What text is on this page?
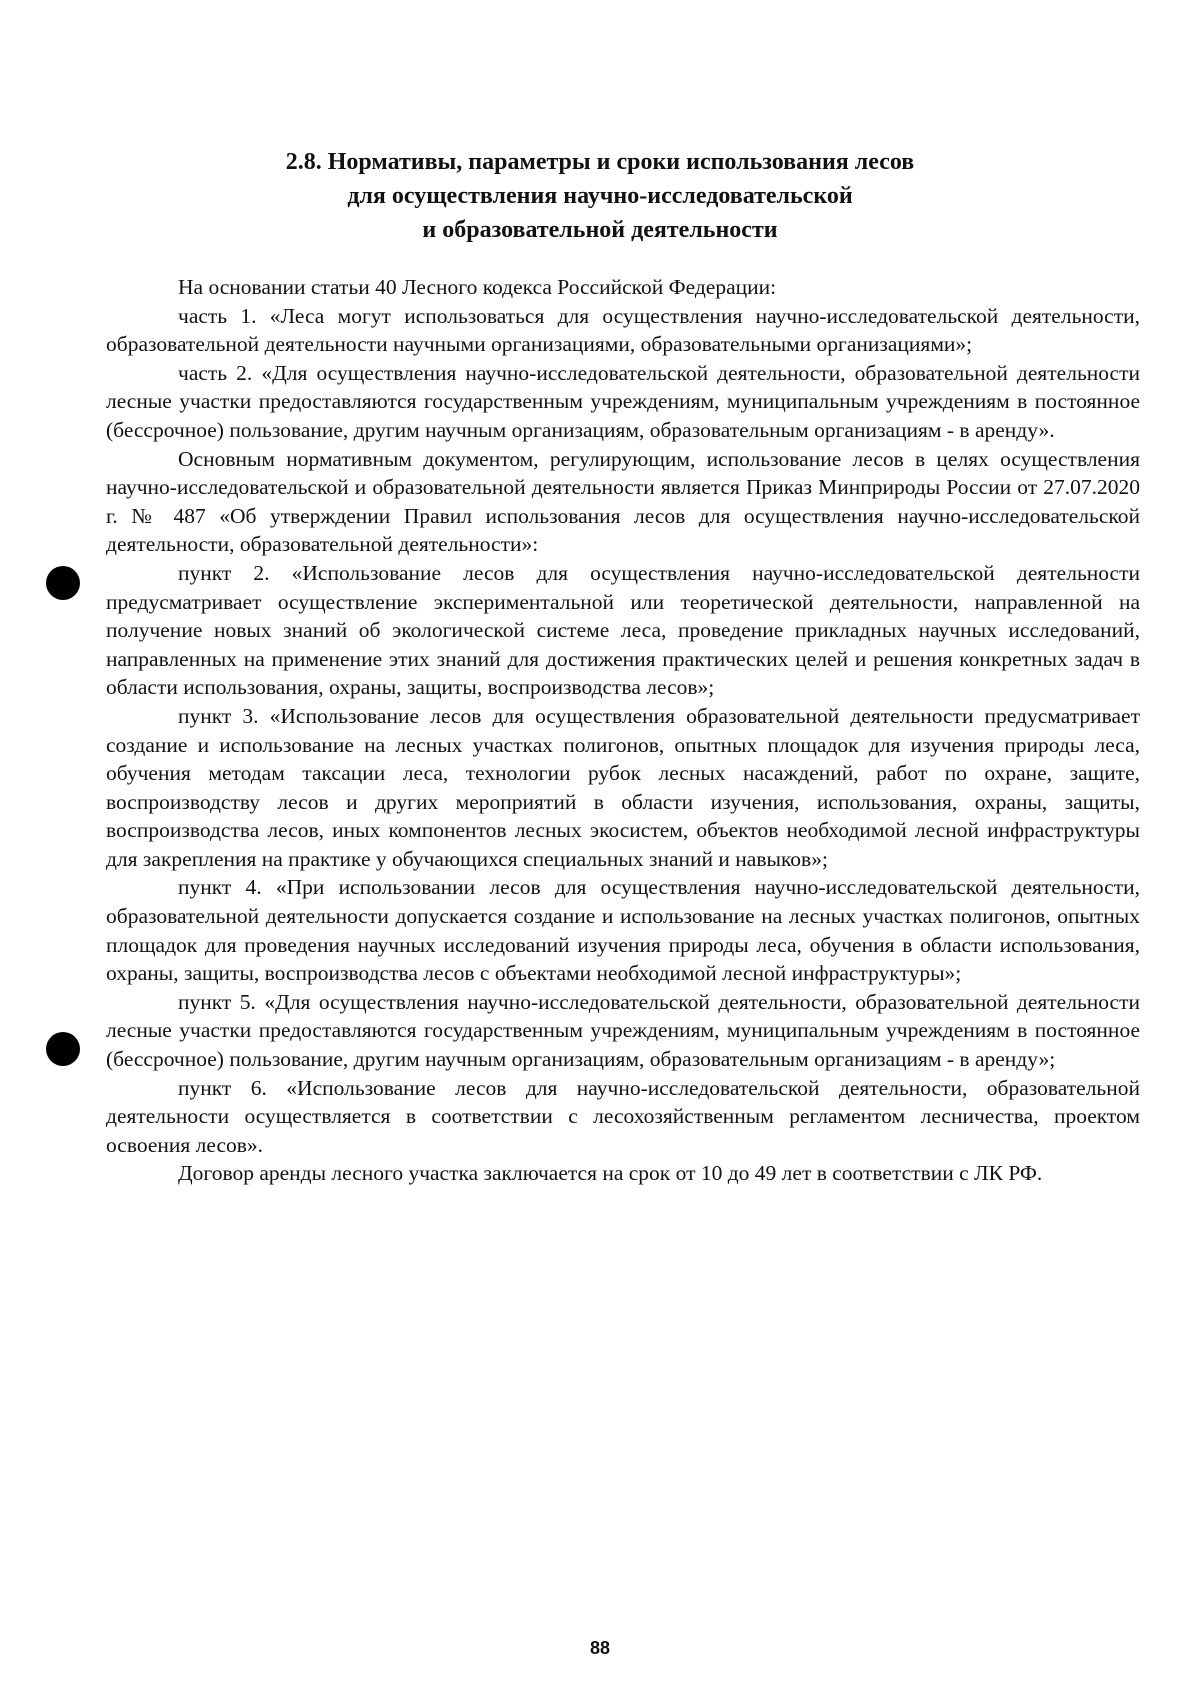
2.8. Нормативы, параметры и сроки использования лесов
для осуществления научно-исследовательской
и образовательной деятельности

На основании статьи 40 Лесного кодекса Российской Федерации:

часть 1. «Леса могут использоваться для осуществления научно-исследовательской деятельности, образовательной деятельности научными организациями, образовательными организациями»;

часть 2. «Для осуществления научно-исследовательской деятельности, образовательной деятельности лесные участки предоставляются государственным учреждениям, муниципальным учреждениям в постоянное (бессрочное) пользование, другим научным организациям, образовательным организациям - в аренду».

Основным нормативным документом, регулирующим, использование лесов в целях осуществления научно-исследовательской и образовательной деятельности является Приказ Минприроды России от 27.07.2020 г. № 487 «Об утверждении Правил использования лесов для осуществления научно-исследовательской деятельности, образовательной деятельности»:

пункт 2. «Использование лесов для осуществления научно-исследовательской деятельности предусматривает осуществление экспериментальной или теоретической деятельности, направленной на получение новых знаний об экологической системе леса, проведение прикладных научных исследований, направленных на применение этих знаний для достижения практических целей и решения конкретных задач в области использования, охраны, защиты, воспроизводства лесов»;

пункт 3. «Использование лесов для осуществления образовательной деятельности предусматривает создание и использование на лесных участках полигонов, опытных площадок для изучения природы леса, обучения методам таксации леса, технологии рубок лесных насаждений, работ по охране, защите, воспроизводству лесов и других мероприятий в области изучения, использования, охраны, защиты, воспроизводства лесов, иных компонентов лесных экосистем, объектов необходимой лесной инфраструктуры для закрепления на практике у обучающихся специальных знаний и навыков»;

пункт 4. «При использовании лесов для осуществления научно-исследовательской деятельности, образовательной деятельности допускается создание и использование на лесных участках полигонов, опытных площадок для проведения научных исследований изучения природы леса, обучения в области использования, охраны, защиты, воспроизводства лесов с объектами необходимой лесной инфраструктуры»;

пункт 5. «Для осуществления научно-исследовательской деятельности, образовательной деятельности лесные участки предоставляются государственным учреждениям, муниципальным учреждениям в постоянное (бессрочное) пользование, другим научным организациям, образовательным организациям - в аренду»;

пункт 6. «Использование лесов для научно-исследовательской деятельности, образовательной деятельности осуществляется в соответствии с лесохозяйственным регламентом лесничества, проектом освоения лесов».

Договор аренды лесного участка заключается на срок от 10 до 49 лет в соответствии с ЛК РФ.

88
